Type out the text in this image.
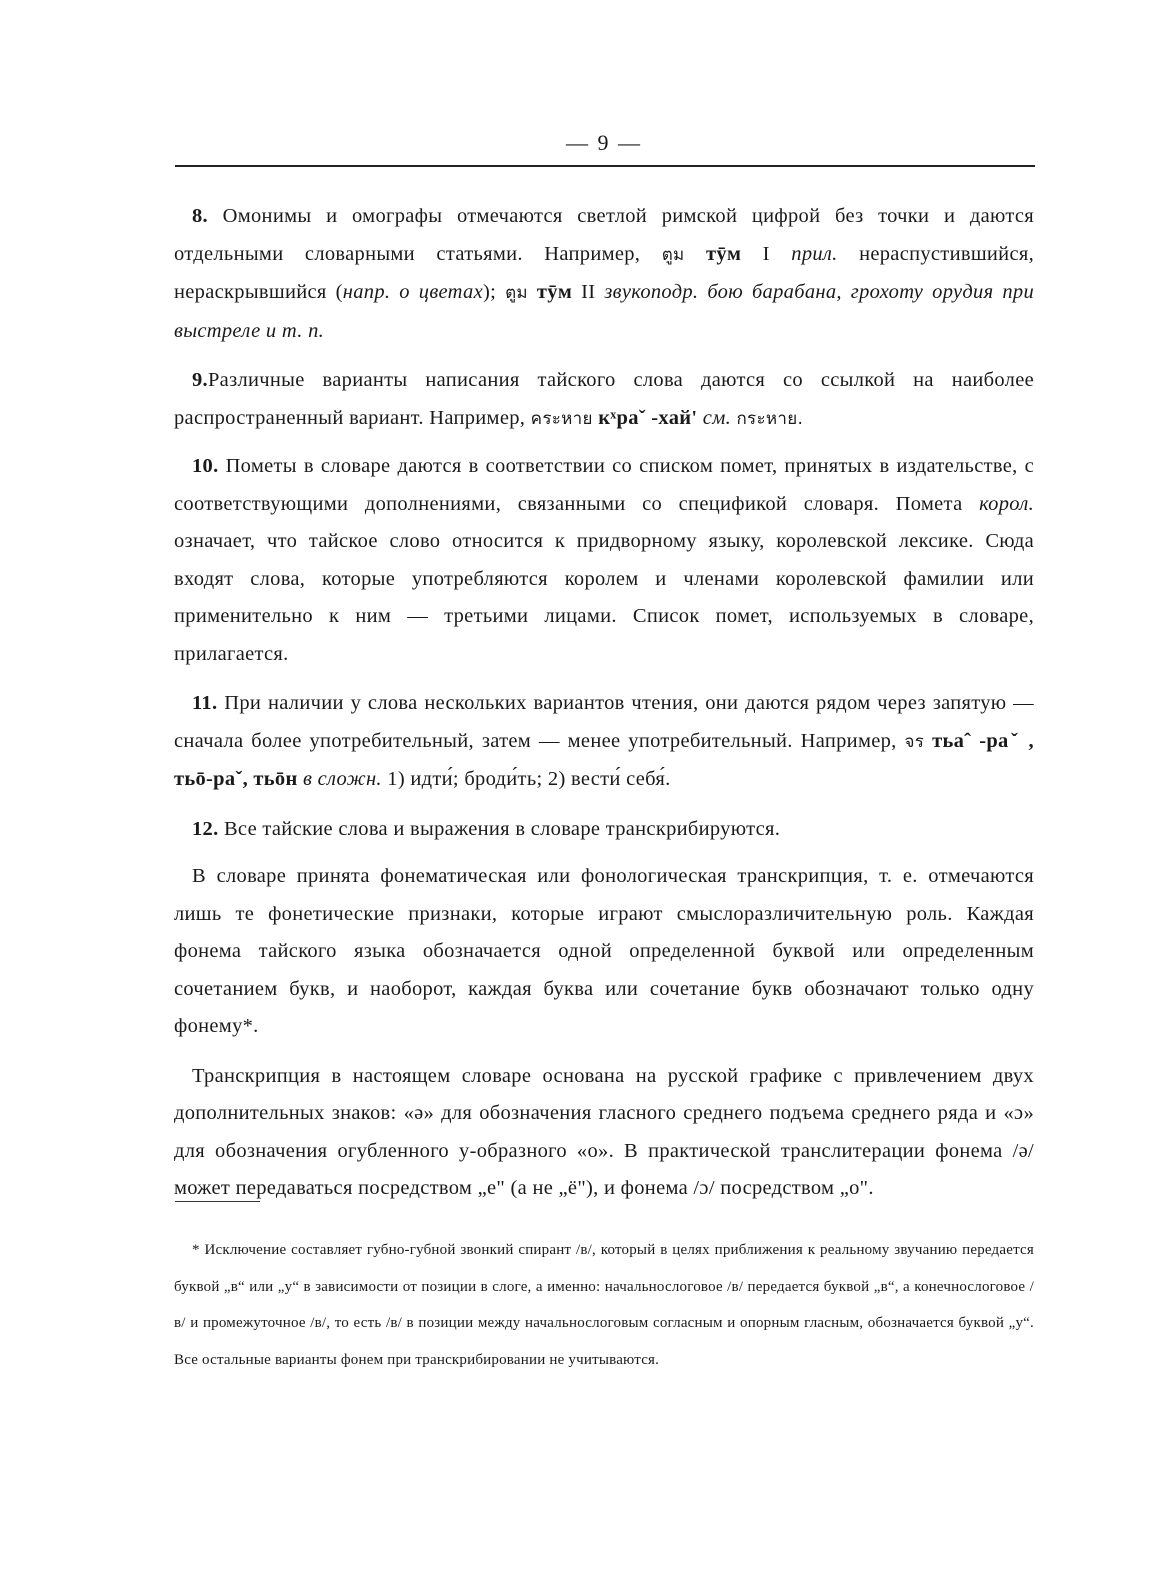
— 9 —

8. Омонимы и омографы отмечаются светлой римской цифрой без точки и даются отдельными словарными статьями. Например, ตูม тӯм I прил. нераспустившийся, нераскрывшийся (напр. о цветах); ตูม тӯм II звукоподр. бою барабана, грохоту орудия при выстреле и т. п.

9.Различные варианты написания тайского слова даются со ссылкой на наиболее распространенный вариант. Например, คระหาย кˣраˇ -хай' см. กระหาย.

10. Пометы в словаре даются в соответствии со списком помет, принятых в издательстве, с соответствующими дополнениями, связанными со спецификой словаря. Помета корол. означает, что тайское слово относится к придворному языку, королевской лексике. Сюда входят слова, которые употребляются королем и членами королевской фамилии или применительно к ним — третьими лицами. Список помет, используемых в словаре, прилагается.

11. При наличии у слова нескольких вариантов чтения, они даются рядом через запятую — сначала более употребительный, затем — менее употребительный. Например, จร тьаˆ -раˇ , тьō-раˇ, тьōн в сложн. 1) идти́; броди́ть; 2) вести́ себя́.

12. Все тайские слова и выражения в словаре транскрибируются.

В словаре принята фонематическая или фонологическая транскрипция, т. е. отмечаются лишь те фонетические признаки, которые играют смыслоразличительную роль. Каждая фонема тайского языка обозначается одной определенной буквой или определенным сочетанием букв, и наоборот, каждая буква или сочетание букв обозначают только одну фонему*.

Транскрипция в настоящем словаре основана на русской графике с привлечением двух дополнительных знаков: «ə» для обозначения гласного среднего подъема среднего ряда и «ɔ» для обозначения огубленного у-образного «о». В практической транслитерации фонема /ə/ может передаваться посредством „е" (а не „ё"), и фонема /ɔ/ посредством „о".

* Исключение составляет губно-губной звонкий спирант /в/, который в целях приближения к реальному звучанию передается буквой „в“ или „у“ в зависимости от позиции в слоге, а именно: начальнослоговое /в/ передается буквой „в“, а конечнослоговое /в/ и промежуточное /в/, то есть /в/ в позиции между начальнослоговым согласным и опорным гласным, обозначается буквой „у“. Все остальные варианты фонем при транскрибировании не учитываются.
